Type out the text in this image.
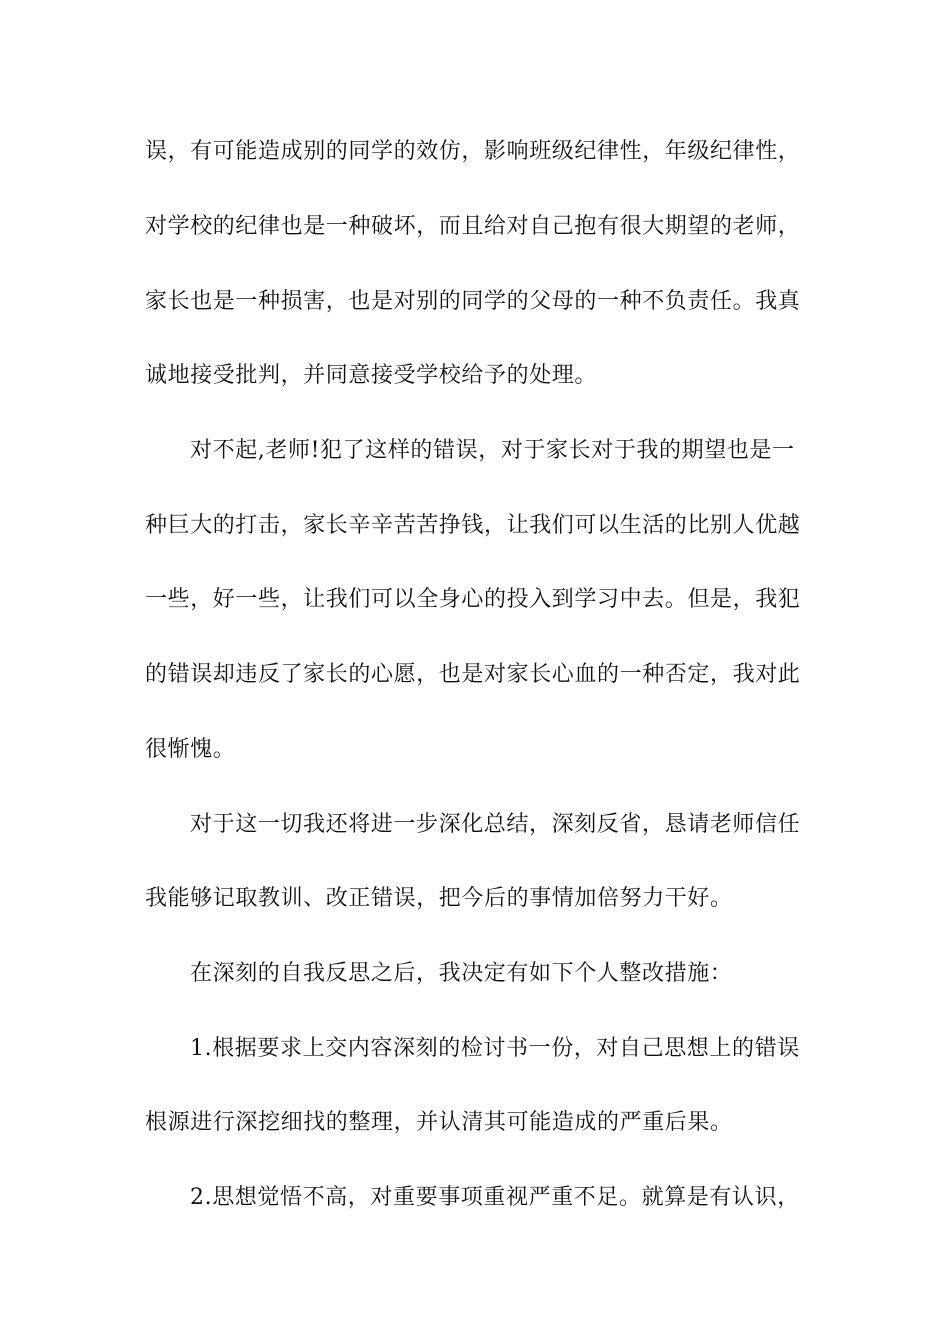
误，有可能造成别的同学的效仿，影响班级纪律性，年级纪律性，
对学校的纪律也是一种破坏，而且给对自己抱有很大期望的老师，
家长也是一种损害，也是对别的同学的父母的一种不负责任。我真
诚地接受批判，并同意接受学校给予的处理。
对不起,老师!犯了这样的错误，对于家长对于我的期望也是一
种巨大的打击，家长辛辛苦苦挣钱，让我们可以生活的比别人优越
一些，好一些，让我们可以全身心的投入到学习中去。但是，我犯
的错误却违反了家长的心愿，也是对家长心血的一种否定，我对此
很惭愧。
对于这一切我还将进一步深化总结，深刻反省，恳请老师信任
我能够记取教训、改正错误，把今后的事情加倍努力干好。
在深刻的自我反思之后，我决定有如下个人整改措施：
1.根据要求上交内容深刻的检讨书一份，对自己思想上的错误
根源进行深挖细找的整理，并认清其可能造成的严重后果。
2.思想觉悟不高，对重要事项重视严重不足。就算是有认识，
